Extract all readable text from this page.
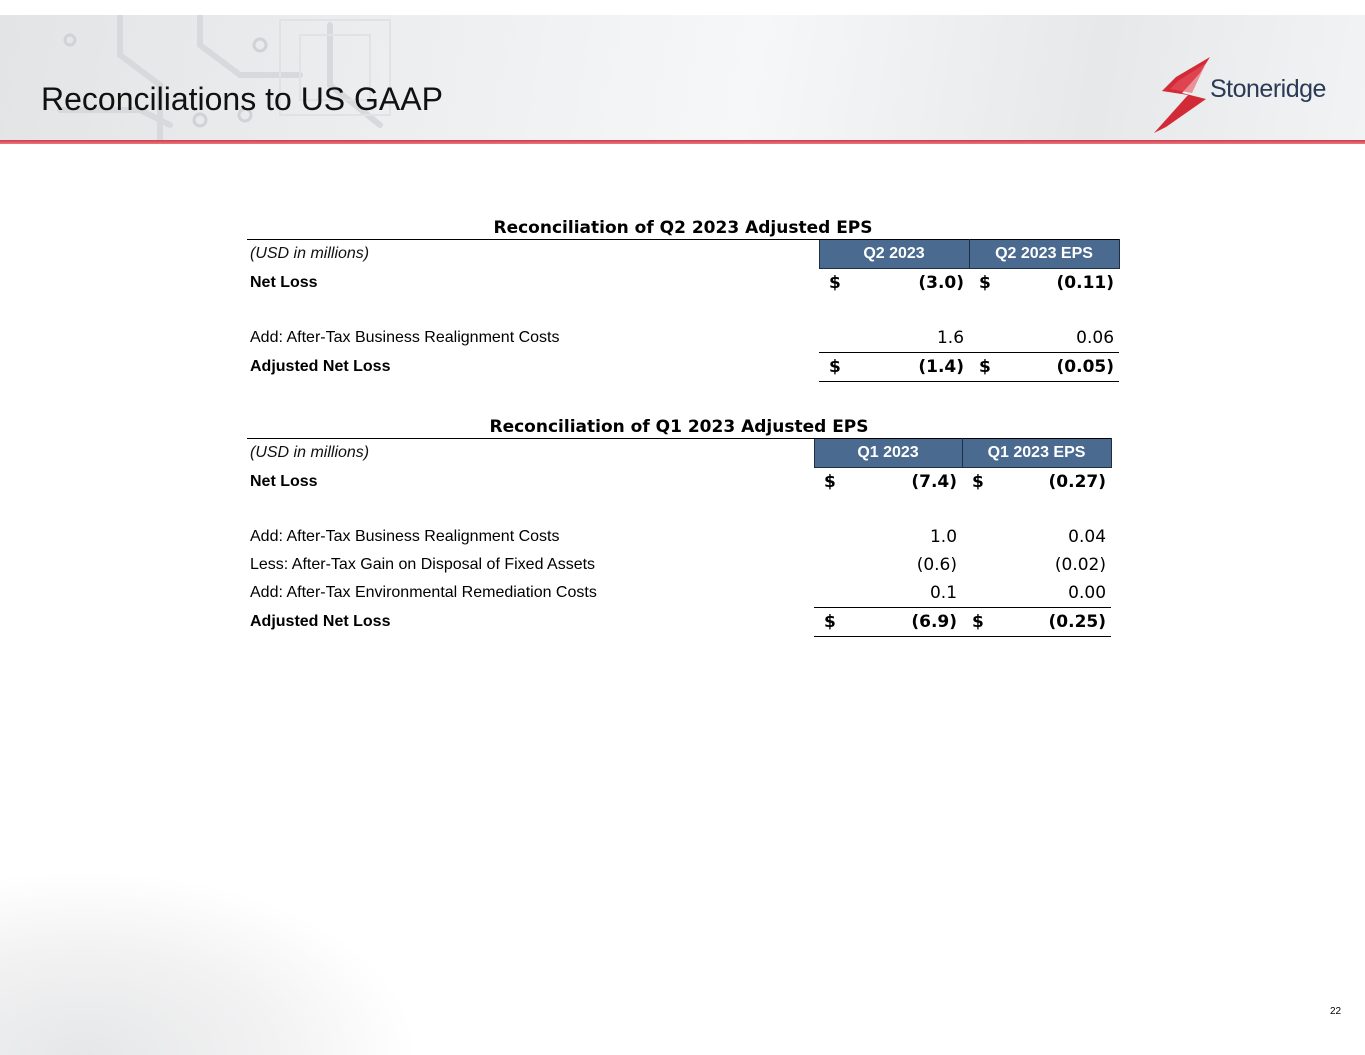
Reconciliations to US GAAP	Stoneridge
Reconciliation of Q2 2023 Adjusted EPS
(USD in millions)	Q2 2023		Q2 2023 EPS	
Net Loss	$	(3.0)	$	(0.11)

Add: After-Tax Business Realignment Costs		1.6		0.06
Adjusted Net Loss	$	(1.4)	$	(0.05)
Reconciliation of Q1 2023 Adjusted EPS
(USD in millions)	Q1 2023		Q1 2023 EPS	
Net Loss	$	(7.4)	$	(0.27)

Add: After-Tax Business Realignment Costs		1.0		0.04
Less: After-Tax Gain on Disposal of Fixed Assets		(0.6)		(0.02)
Add: After-Tax Environmental Remediation Costs		0.1		0.00
Adjusted Net Loss	$	(6.9)	$	(0.25)
22
